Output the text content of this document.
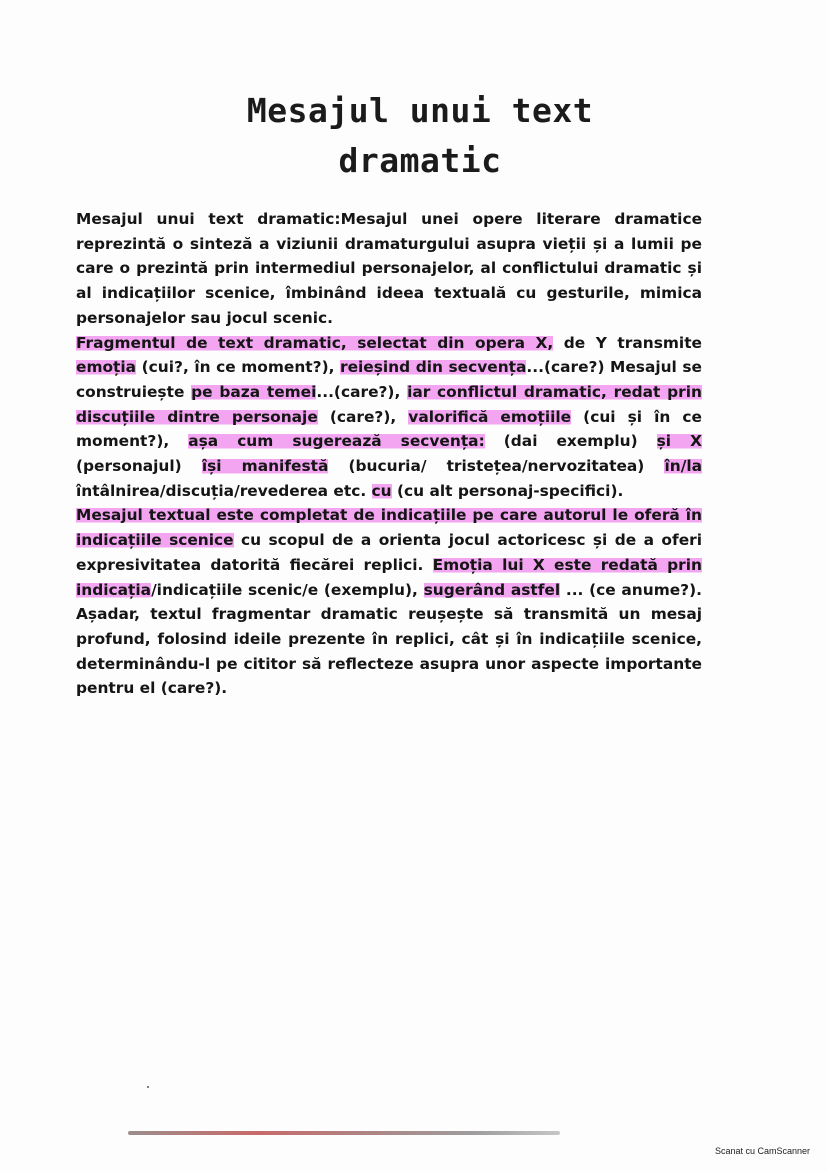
Mesajul unui text
dramatic

Mesajul unui text dramatic:Mesajul unei opere literare dramatice reprezintă o sinteză a viziunii dramaturgului asupra vieții și a lumii pe care o prezintă prin intermediul personajelor, al conflictului dramatic și al indicațiilor scenice, îmbinând ideea textuală cu gesturile, mimica personajelor sau jocul scenic.

Fragmentul de text dramatic, selectat din opera X, de Y transmite emoția (cui?, în ce moment?), reieșind din secvența...(care?) Mesajul se construiește pe baza temei...(care?), iar conflictul dramatic, redat prin discuțiile dintre personaje (care?), valorifică emoțiile (cui și în ce moment?), așa cum sugerează secvența: (dai exemplu) și X (personajul) își manifestă (bucuria/ tristețea/nervozitatea) în/la întâlnirea/discuția/revederea etc. cu (cu alt personaj-specifici).

Mesajul textual este completat de indicațiile pe care autorul le oferă în indicațiile scenice cu scopul de a orienta jocul actoricesc și de a oferi expresivitatea datorită fiecărei replici. Emoția lui X este redată prin indicația/indicațiile scenic/e (exemplu), sugerând astfel ... (ce anume?). Așadar, textul fragmentar dramatic reușește să transmită un mesaj profund, folosind ideile prezente în replici, cât și în indicațiile scenice, determinându-l pe cititor să reflecteze asupra unor aspecte importante pentru el (care?).

Scanat cu CamScanner
